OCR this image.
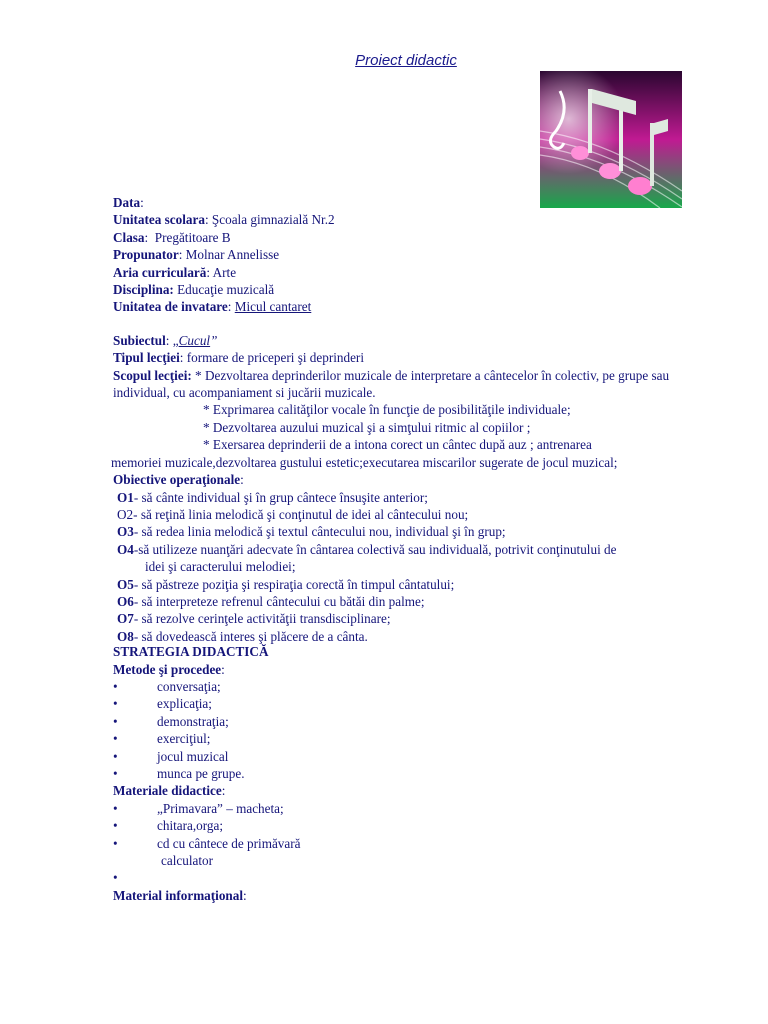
Proiect didactic
Data:
Unitatea scolara: Şcoala gimnazială Nr.2
Clasa:  Pregătitoare B
Propunator: Molnar Annelisse
Aria curriculară: Arte
Disciplina: Educaţie muzicală
Unitatea de invatare: Micul cantaret
Subiectul: „Cucul”
Tipul lecţiei: formare de priceperi şi deprinderi
Scopul lecţiei: * Dezvoltarea deprinderilor muzicale de interpretare a cântecelor în colectiv, pe grupe sau individual, cu acompaniament si jucării muzicale.
* Exprimarea calităţilor vocale în funcţie de posibilităţile individuale;
* Dezvoltarea auzului muzical şi a simţului ritmic al copiilor ;
* Exersarea deprinderii de a intona corect un cântec după auz ; antrenarea
memoriei muzicale,dezvoltarea gustului estetic;executarea miscarilor sugerate de jocul muzical;
Obiective operaţionale:
O1- să cânte individual şi în grup cântece însuşite anterior;
O2- să reţină linia melodică şi conţinutul de idei al cântecului nou;
O3- să redea linia melodică şi textul cântecului nou, individual şi în grup;
O4-să utilizeze nuanţări adecvate în cântarea colectivă sau individuală, potrivit conţinutului de
idei şi caracterului melodiei;
O5- să păstreze poziţia şi respiraţia corectă în timpul cântatului;
O6- să interpreteze refrenul cântecului cu bătăi din palme;
O7- să rezolve cerinţele activităţii transdisciplinare;
O8- să dovedească interes şi plăcere de a cânta.
STRATEGIA DIDACTICĂ
Metode şi procedee:
•
conversaţia;
•
explicaţia;
•
demonstraţia;
•
exerciţiul;
•
jocul muzical
•
munca pe grupe.
Materiale didactice:
•
„Primavara” – macheta;
•
chitara,orga;
•
cd cu cântece de primăvară
calculator
•
Material informaţional:
